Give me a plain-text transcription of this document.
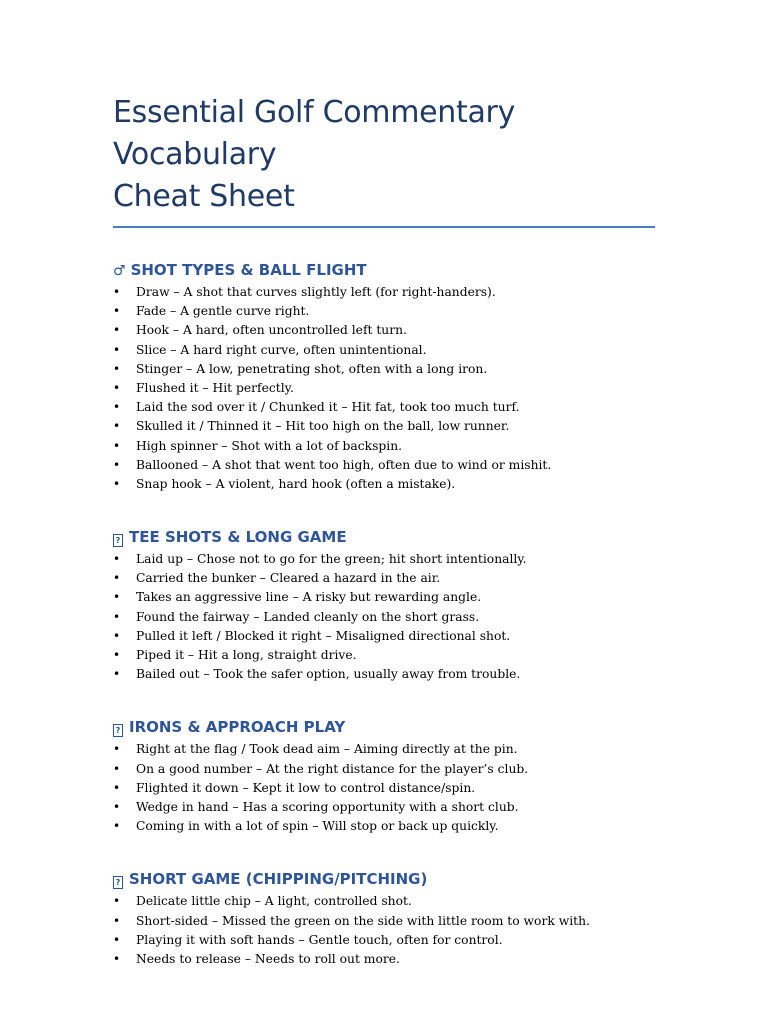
Essential Golf Commentary Vocabulary
Cheat Sheet
♂ SHOT TYPES & BALL FLIGHT
• Draw – A shot that curves slightly left (for right-handers).
• Fade – A gentle curve right.
• Hook – A hard, often uncontrolled left turn.
• Slice – A hard right curve, often unintentional.
• Stinger – A low, penetrating shot, often with a long iron.
• Flushed it – Hit perfectly.
• Laid the sod over it / Chunked it – Hit fat, took too much turf.
• Skulled it / Thinned it – Hit too high on the ball, low runner.
• High spinner – Shot with a lot of backspin.
• Ballooned – A shot that went too high, often due to wind or mishit.
• Snap hook – A violent, hard hook (often a mistake).
? TEE SHOTS & LONG GAME
• Laid up – Chose not to go for the green; hit short intentionally.
• Carried the bunker – Cleared a hazard in the air.
• Takes an aggressive line – A risky but rewarding angle.
• Found the fairway – Landed cleanly on the short grass.
• Pulled it left / Blocked it right – Misaligned directional shot.
• Piped it – Hit a long, straight drive.
• Bailed out – Took the safer option, usually away from trouble.
? IRONS & APPROACH PLAY
• Right at the flag / Took dead aim – Aiming directly at the pin.
• On a good number – At the right distance for the player’s club.
• Flighted it down – Kept it low to control distance/spin.
• Wedge in hand – Has a scoring opportunity with a short club.
• Coming in with a lot of spin – Will stop or back up quickly.
? SHORT GAME (CHIPPING/PITCHING)
• Delicate little chip – A light, controlled shot.
• Short-sided – Missed the green on the side with little room to work with.
• Playing it with soft hands – Gentle touch, often for control.
• Needs to release – Needs to roll out more.
